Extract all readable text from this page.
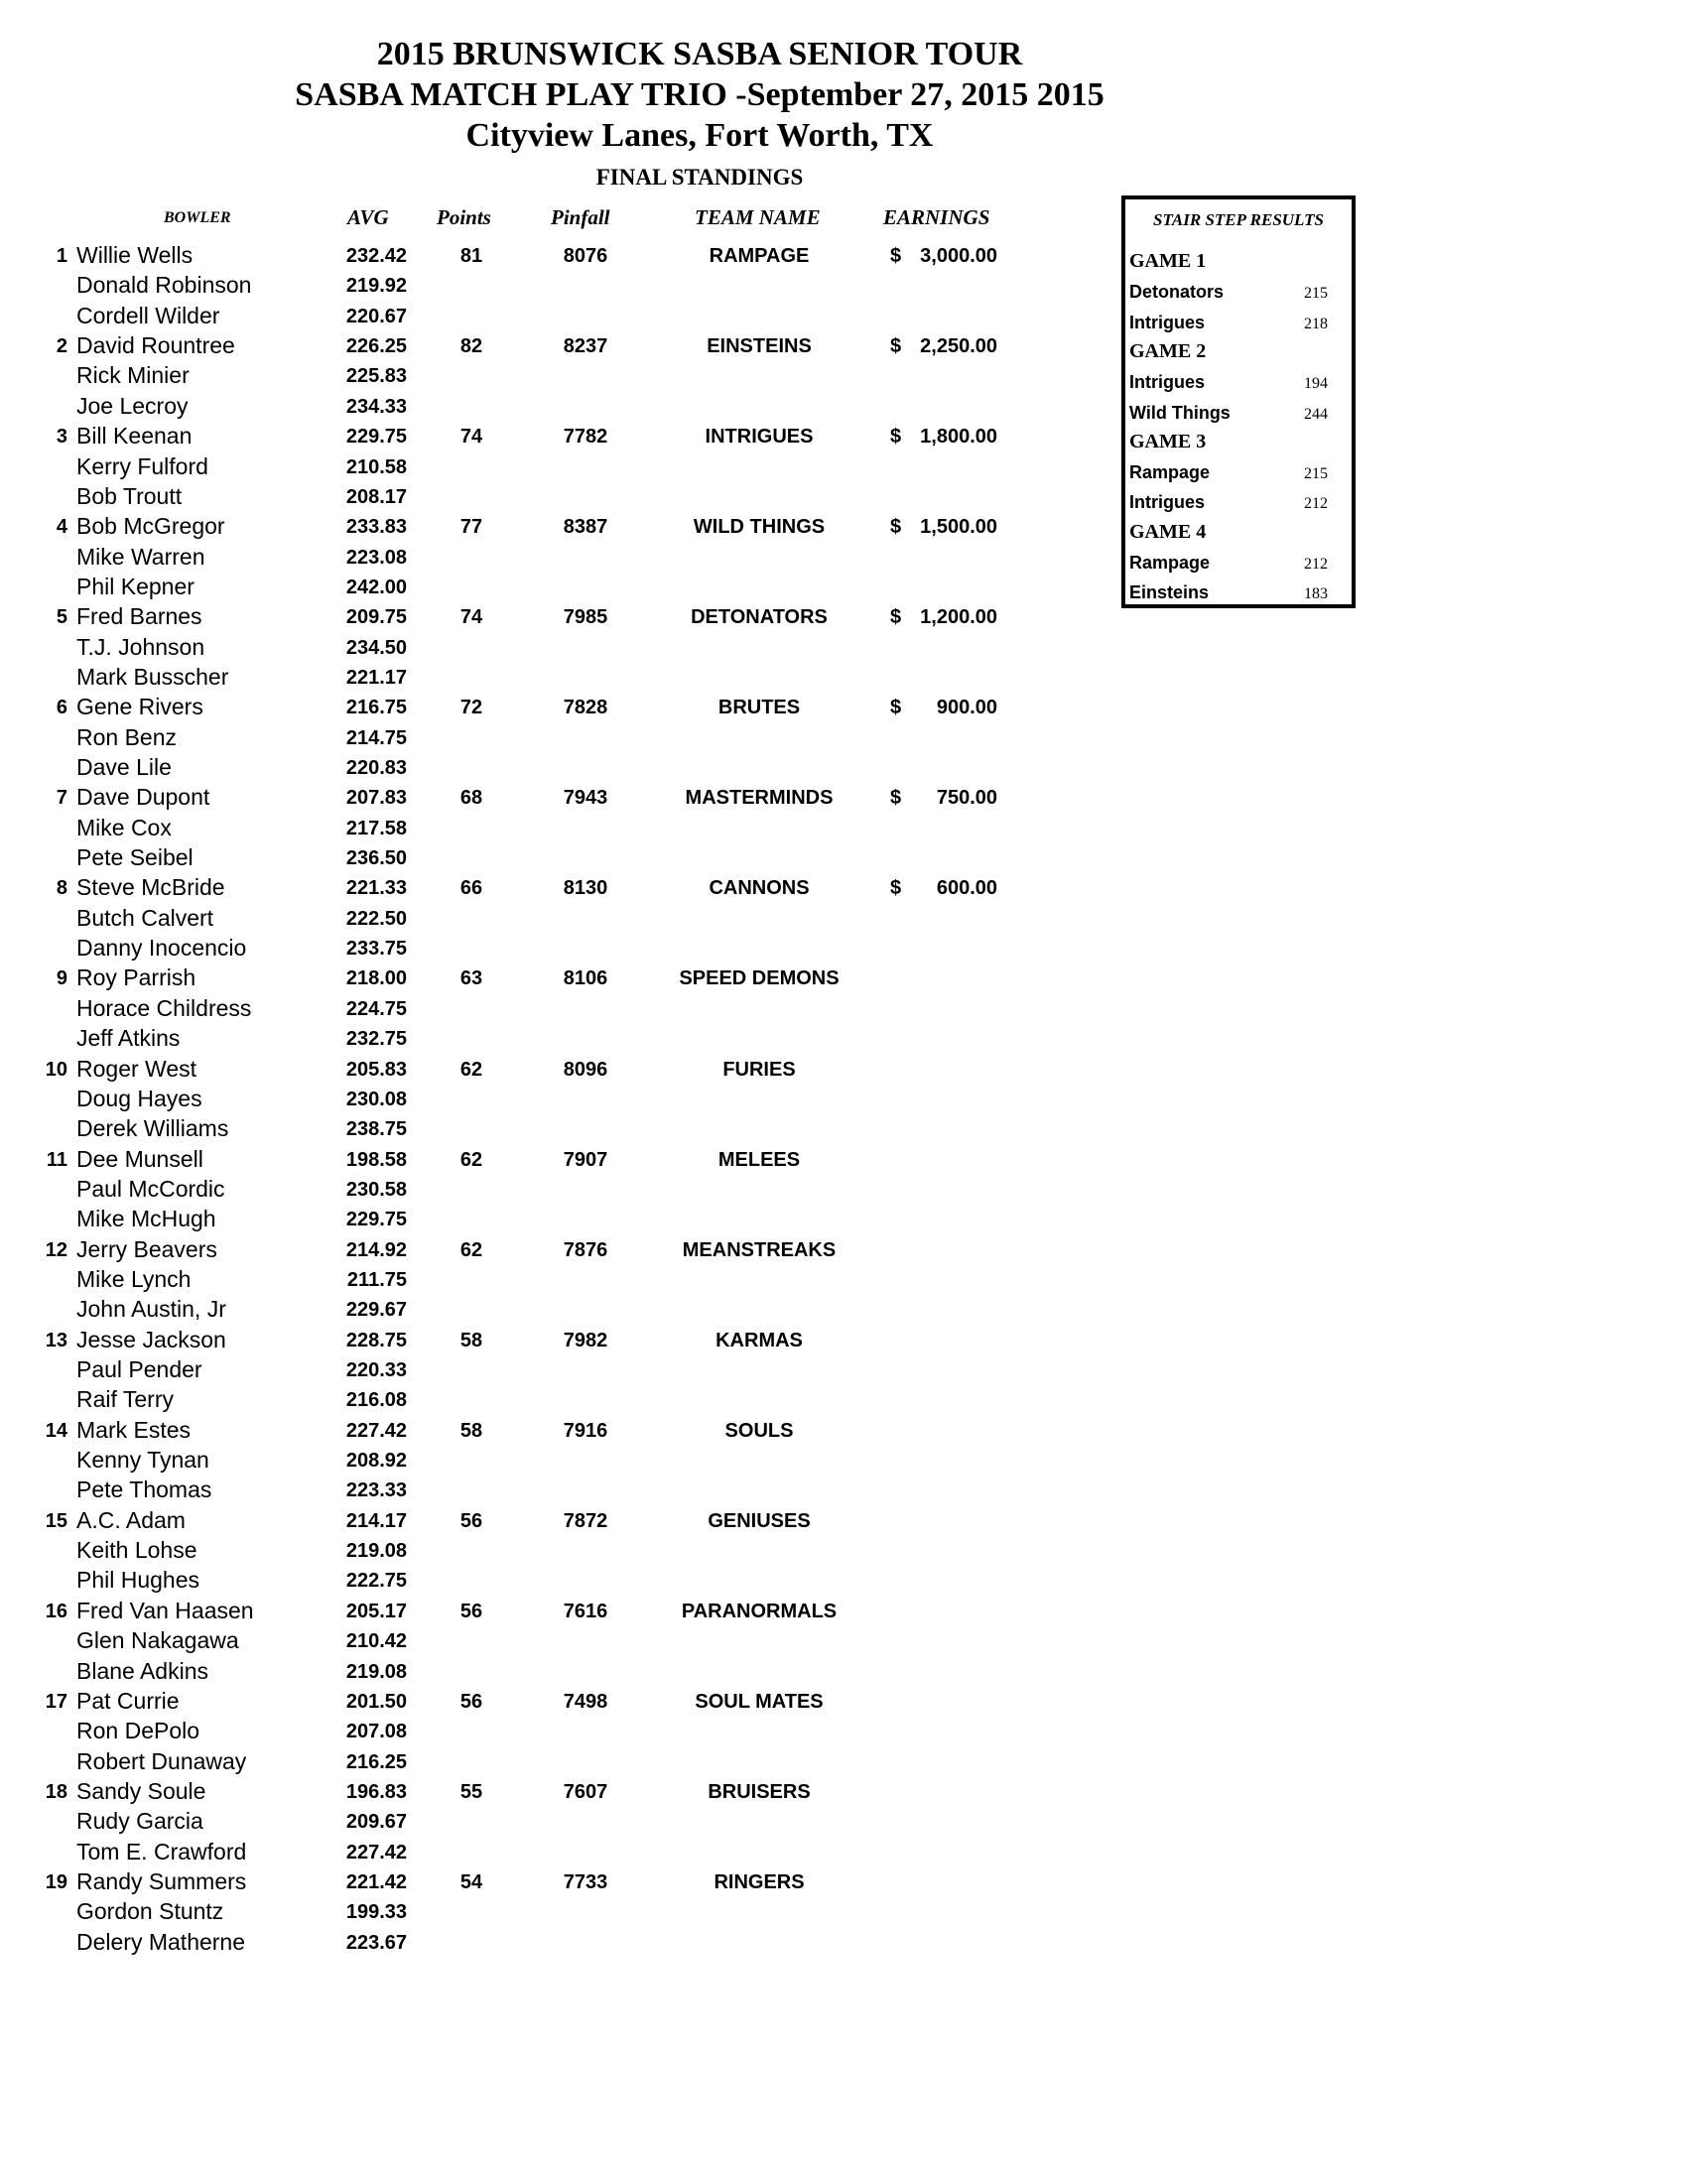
2015 BRUNSWICK SASBA SENIOR TOUR
SASBA MATCH PLAY TRIO -September 27, 2015 2015
Cityview Lanes, Fort Worth, TX
FINAL STANDINGS
BOWLER	AVG Points	Pinfall	TEAM NAME	EARNINGS
1 Willie Wells	232.42	81	8076	RAMPAGE	$ 3,000.00
Donald Robinson	219.92
Cordell Wilder	220.67
2 David Rountree	226.25	82	8237	EINSTEINS	$ 2,250.00
Rick Minier	225.83
Joe Lecroy	234.33
3 Bill Keenan	229.75	74	7782	INTRIGUES	$ 1,800.00
Kerry Fulford	210.58
Bob Troutt	208.17
4 Bob McGregor	233.83	77	8387	WILD THINGS	$ 1,500.00
Mike Warren	223.08
Phil Kepner	242.00
5 Fred Barnes	209.75	74	7985	DETONATORS	$ 1,200.00
T.J. Johnson	234.50
Mark Busscher	221.17
6 Gene Rivers	216.75	72	7828	BRUTES	$	900.00
Ron Benz	214.75
Dave Lile	220.83
7 Dave Dupont	207.83	68	7943	MASTERMINDS	$	750.00
Mike Cox	217.58
Pete Seibel	236.50
8 Steve McBride	221.33	66	8130	CANNONS	$	600.00
Butch Calvert	222.50
Danny Inocencio	233.75
9 Roy Parrish	218.00	63	8106	SPEED DEMONS
Horace Childress	224.75
Jeff Atkins	232.75
10 Roger West	205.83	62	8096	FURIES
Doug Hayes	230.08
Derek Williams	238.75
11 Dee Munsell	198.58	62	7907	MELEES
Paul McCordic	230.58
Mike McHugh	229.75
12 Jerry Beavers	214.92	62	7876	MEANSTREAKS
Mike Lynch	211.75
John Austin, Jr	229.67
13 Jesse Jackson	228.75	58	7982	KARMAS
Paul Pender	220.33
Raif Terry	216.08
14 Mark Estes	227.42	58	7916	SOULS
Kenny Tynan	208.92
Pete Thomas	223.33
15 A.C. Adam	214.17	56	7872	GENIUSES
Keith Lohse	219.08
Phil Hughes	222.75
16 Fred Van Haasen	205.17	56	7616	PARANORMALS
Glen Nakagawa	210.42
Blane Adkins	219.08
17 Pat Currie	201.50	56	7498	SOUL MATES
Ron DePolo	207.08
Robert Dunaway	216.25
18 Sandy Soule	196.83	55	7607	BRUISERS
Rudy Garcia	209.67
Tom E. Crawford	227.42
19 Randy Summers	221.42	54	7733	RINGERS
Gordon Stuntz	199.33
Delery Matherne	223.67
STAIR STEP RESULTS
GAME 1
Detonators	215
Intrigues	218
GAME 2
Intrigues	194
Wild Things	244
GAME 3
Rampage	215
Intrigues	212
GAME 4
Rampage	212
Einsteins	183
